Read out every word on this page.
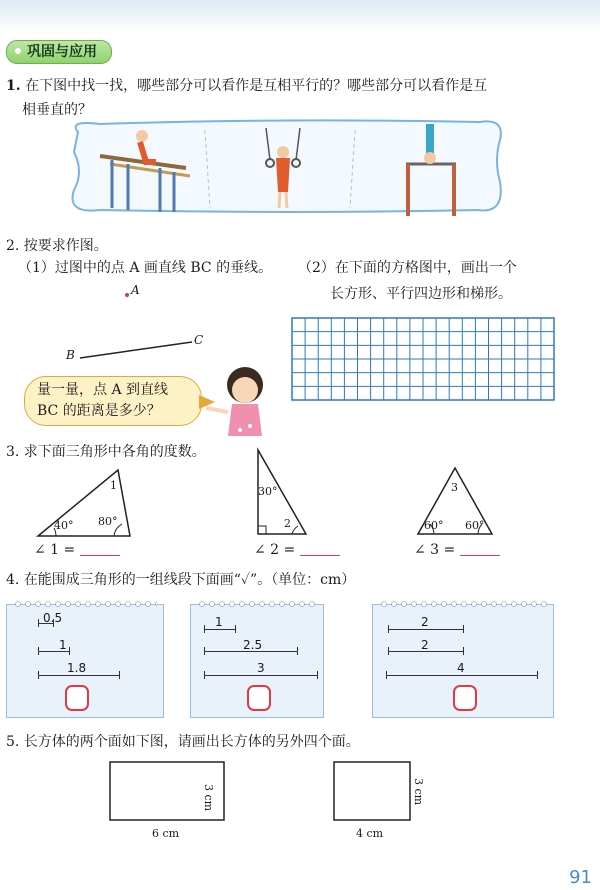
巩固与应用
1. 在下图中找一找，哪些部分可以看作是互相平行的？哪些部分可以看作是互
相垂直的？
2. 按要求作图。
（1）过图中的点 A 画直线 BC 的垂线。 （2）在下面的方格图中，画出一个
长方形、平行四边形和梯形。
A
B
C
量一量，点 A 到直线
BC 的距离是多少？
3. 求下面三角形中各角的度数。
40° 80°
1
∠ 1 =
30°
2
∠ 2 =
3
60° 60°
∠ 3 =
4. 在能围成三角形的一组线段下面画“✓”。（单位：cm）
0.5
1
1.8
1
2.5
3
2
2
4
5. 长方体的两个面如下图，请画出长方体的另外四个面。
6 cm
3 cm
4 cm
3 cm
91
